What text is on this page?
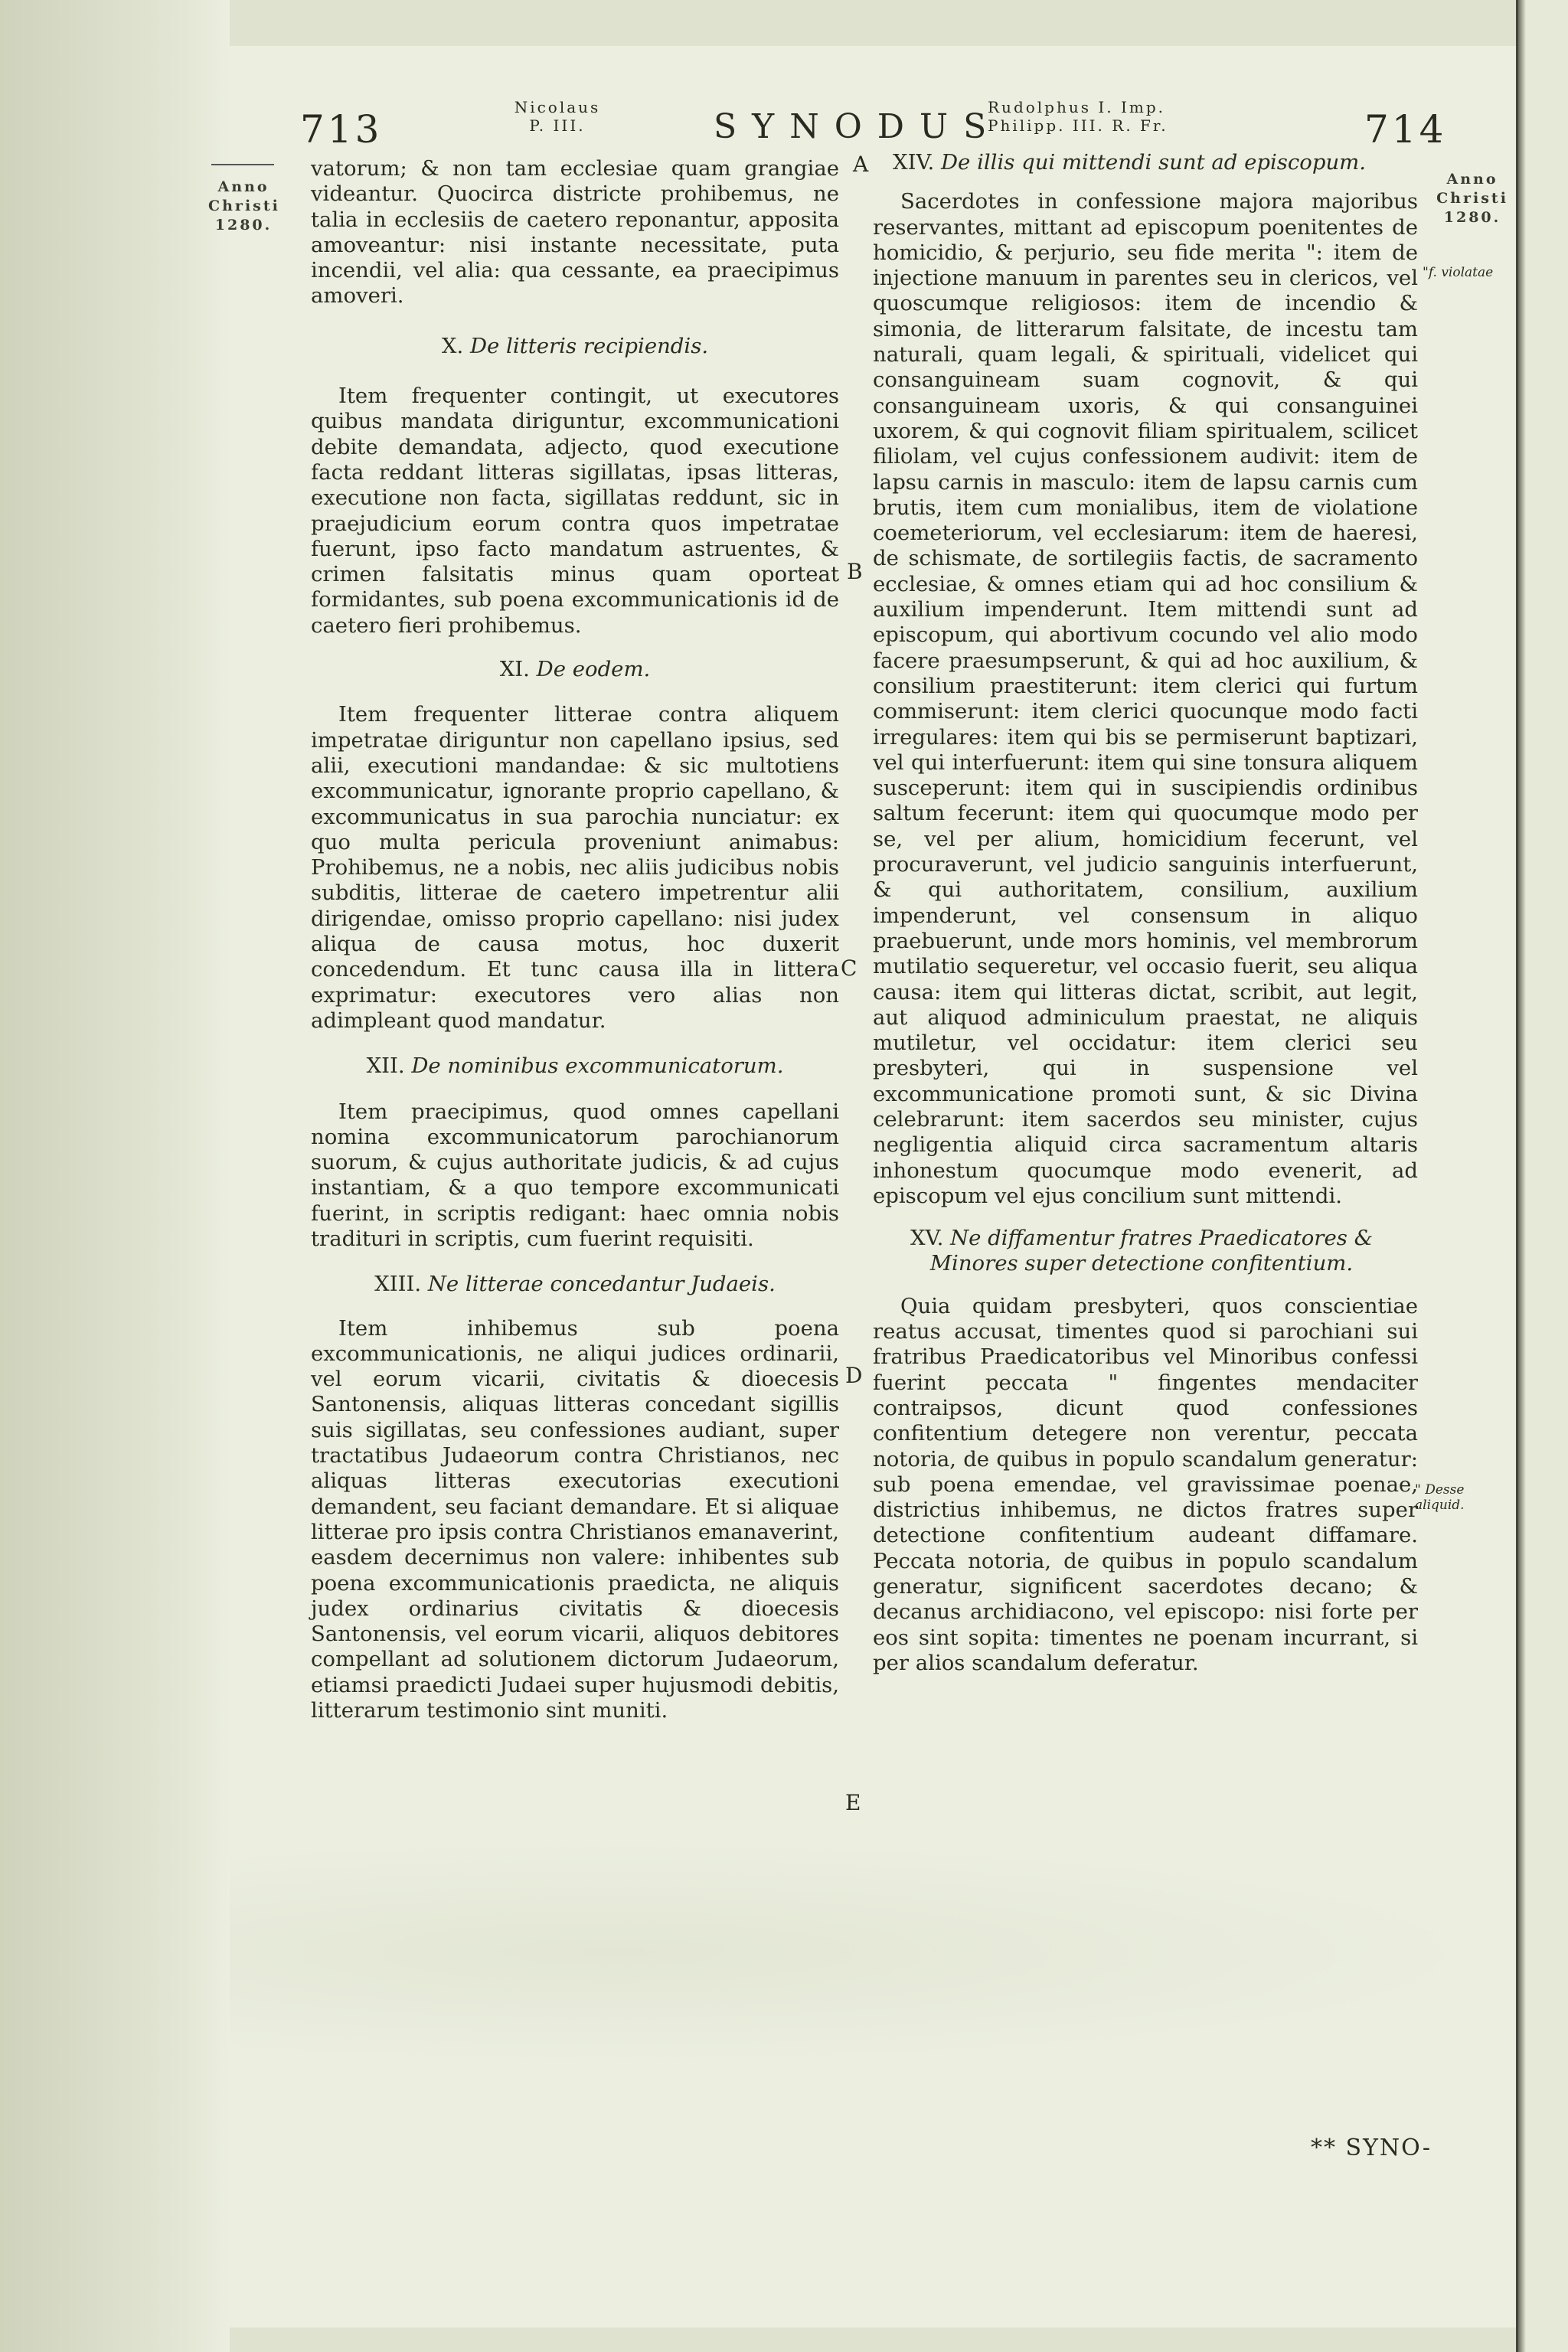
713	Nicolaus
P. III.	SYNODUS
Rudolphus I. Imp.
Philipp. III. R. Fr.	714
Anno
Christi
1280.
Anno
Christi
1280.
A
B
C
D
E
"f. violatae
" Desse aliquid.

vatorum; & non tam ecclesiae quam grangiae videantur. Quocirca districte prohibemus, ne talia in ecclesiis de caetero reponantur, apposita amoveantur: nisi instante necessitate, puta incendii, vel alia: qua cessante, ea praecipimus amoveri.

X. De litteris recipiendis.

Item frequenter contingit, ut executores quibus mandata diriguntur, excommunicationi debite demandata, adjecto, quod executione facta reddant litteras sigillatas, ipsas litteras, executione non facta, sigillatas reddunt, sic in praejudicium eorum contra quos impetratae fuerunt, ipso facto mandatum astruentes, & crimen falsitatis minus quam oporteat formidantes, sub poena excommunicationis id de caetero fieri prohibemus.

XI. De eodem.

Item frequenter litterae contra aliquem impetratae diriguntur non capellano ipsius, sed alii, executioni mandandae: & sic multotiens excommunicatur, ignorante proprio capellano, & excommunicatus in sua parochia nunciatur: ex quo multa pericula proveniunt animabus: Prohibemus, ne a nobis, nec aliis judicibus nobis subditis, litterae de caetero impetrentur alii dirigendae, omisso proprio capellano: nisi judex aliqua de causa motus, hoc duxerit concedendum. Et tunc causa illa in littera exprimatur: executores vero alias non adimpleant quod mandatur.

XII. De nominibus excommunicatorum.

Item praecipimus, quod omnes capellani nomina excommunicatorum parochianorum suorum, & cujus authoritate judicis, & ad cujus instantiam, & a quo tempore excommunicati fuerint, in scriptis redigant: haec omnia nobis tradituri in scriptis, cum fuerint requisiti.

XIII. Ne litterae concedantur Judaeis.

Item inhibemus sub poena excommunicationis, ne aliqui judices ordinarii, vel eorum vicarii, civitatis & dioecesis Santonensis, aliquas litteras concedant sigillis suis sigillatas, seu confessiones audiant, super tractatibus Judaeorum contra Christianos, nec aliquas litteras executorias executioni demandent, seu faciant demandare. Et si aliquae litterae pro ipsis contra Christianos emanaverint, easdem decernimus non valere: inhibentes sub poena excommunicationis praedicta, ne aliquis judex ordinarius civitatis & dioecesis Santonensis, vel eorum vicarii, aliquos debitores compellant ad solutionem dictorum Judaeorum, etiamsi praedicti Judaei super hujusmodi debitis, litterarum testimonio sint muniti.

XIV. De illis qui mittendi sunt ad episcopum.

Sacerdotes in confessione majora majoribus reservantes, mittant ad episcopum poenitentes de homicidio, & perjurio, seu fide merita ": item de injectione manuum in parentes seu in clericos, vel quoscumque religiosos: item de incendio & simonia, de litterarum falsitate, de incestu tam naturali, quam legali, & spirituali, videlicet qui consanguineam suam cognovit, & qui consanguineam uxoris, & qui consanguinei uxorem, & qui cognovit filiam spiritualem, scilicet filiolam, vel cujus confessionem audivit: item de lapsu carnis in masculo: item de lapsu carnis cum brutis, item cum monialibus, item de violatione coemeteriorum, vel ecclesiarum: item de haeresi, de schismate, de sortilegiis factis, de sacramento ecclesiae, & omnes etiam qui ad hoc consilium & auxilium impenderunt. Item mittendi sunt ad episcopum, qui abortivum cocundo vel alio modo facere praesumpserunt, & qui ad hoc auxilium, & consilium praestiterunt: item clerici qui furtum commiserunt: item clerici quocunque modo facti irregulares: item qui bis se permiserunt baptizari, vel qui interfuerunt: item qui sine tonsura aliquem susceperunt: item qui in suscipiendis ordinibus saltum fecerunt: item qui quocumque modo per se, vel per alium, homicidium fecerunt, vel procuraverunt, vel judicio sanguinis interfuerunt, & qui authoritatem, consilium, auxilium impenderunt, vel consensum in aliquo praebuerunt, unde mors hominis, vel membrorum mutilatio sequeretur, vel occasio fuerit, seu aliqua causa: item qui litteras dictat, scribit, aut legit, aut aliquod adminiculum praestat, ne aliquis mutiletur, vel occidatur: item clerici seu presbyteri, qui in suspensione vel excommunicatione promoti sunt, & sic Divina celebrarunt: item sacerdos seu minister, cujus negligentia aliquid circa sacramentum altaris inhonestum quocumque modo evenerit, ad episcopum vel ejus concilium sunt mittendi.

XV. Ne diffamentur fratres Praedicatores & Minores super detectione confitentium.

Quia quidam presbyteri, quos conscientiae reatus accusat, timentes quod si parochiani sui fratribus Praedicatoribus vel Minoribus confessi fuerint peccata " fingentes mendaciter contraipsos, dicunt quod confessiones confitentium detegere non verentur, peccata notoria, de quibus in populo scandalum generatur: sub poena emendae, vel gravissimae poenae, districtius inhibemus, ne dictos fratres super detectione confitentium audeant diffamare. Peccata notoria, de quibus in populo scandalum generatur, significent sacerdotes decano; & decanus archidiacono, vel episcopo: nisi forte per eos sint sopita: timentes ne poenam incurrant, si per alios scandalum deferatur.

** SYNO-
